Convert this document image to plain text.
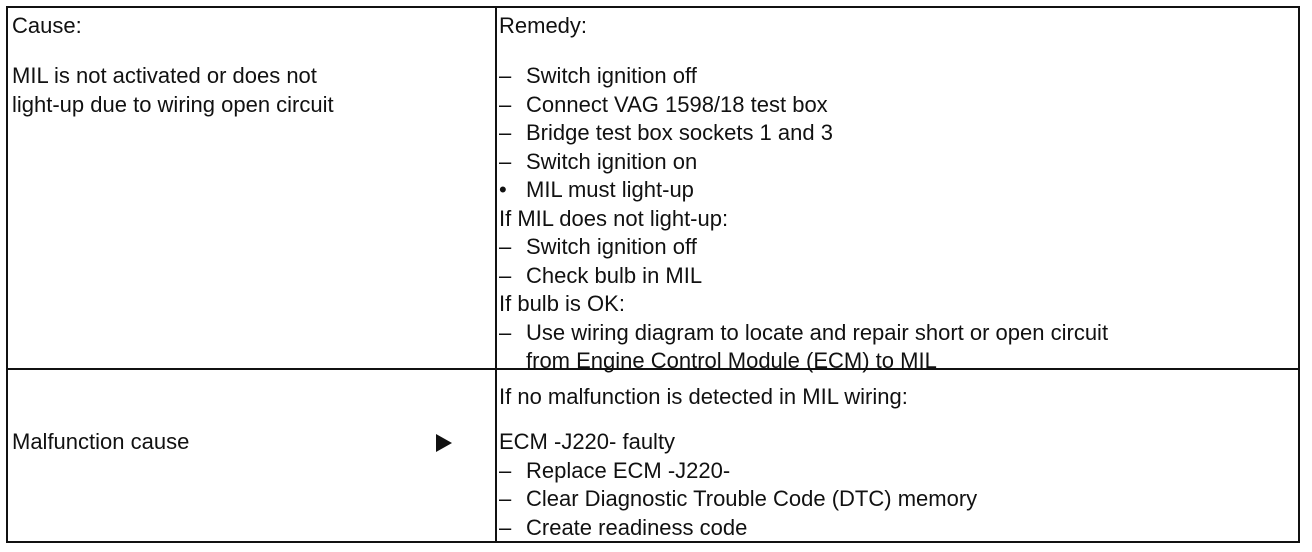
Cause:

MIL is not activated or does not

light-up due to wiring open circuit

Remedy:

– Switch ignition off
– Connect VAG 1598/18 test box
– Bridge test box sockets 1 and 3
– Switch ignition on
• MIL must light-up
If MIL does not light-up:
– Switch ignition off
– Check bulb in MIL
If bulb is OK:
– Use wiring diagram to locate and repair short or open circuit
from Engine Control Module (ECM) to MIL

Malfunction cause

If no malfunction is detected in MIL wiring:

ECM -J220- faulty
– Replace ECM -J220-
– Clear Diagnostic Trouble Code (DTC) memory
– Create readiness code
